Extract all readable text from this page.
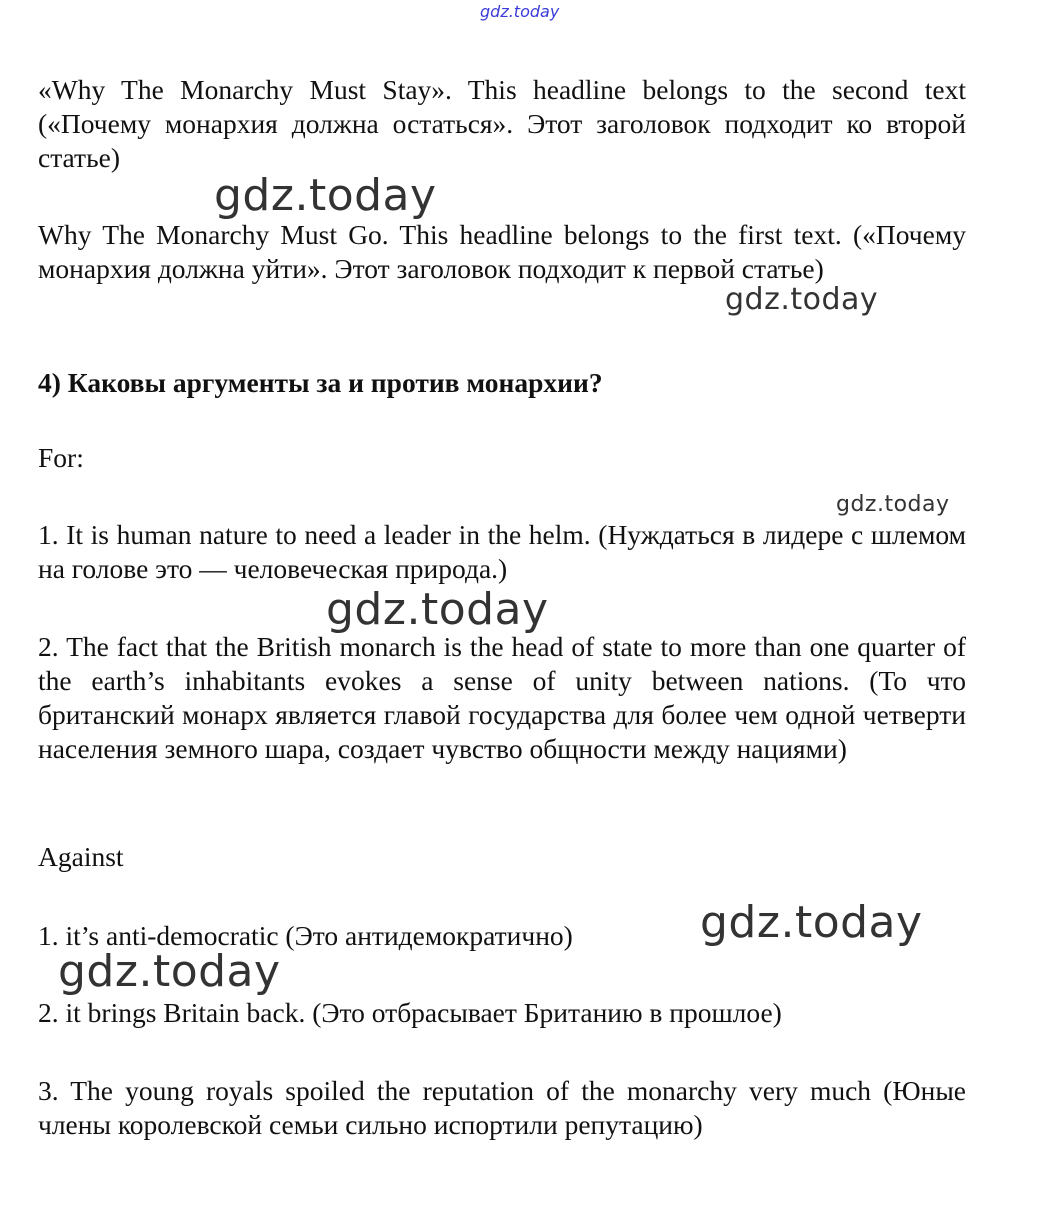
gdz.today

«Why The Monarchy Must Stay». This headline belongs to the second text («Почему монархия должна остаться». Этот заголовок подходит ко второй статье)

gdz.today

Why The Monarchy Must Go. This headline belongs to the first text. («Почему монархия должна уйти». Этот заголовок подходит к первой статье)

gdz.today

4) Каковы аргументы за и против монархии?

For:

gdz.today

1. It is human nature to need a leader in the helm. (Нуждаться в лидере с шлемом на голове это — человеческая природа.)

gdz.today

2. The fact that the British monarch is the head of state to more than one quarter of the earth’s inhabitants evokes a sense of unity between nations. (То что британский монарх является главой государства для более чем одной четверти населения земного шара, создает чувство общности между нациями)

Against

gdz.today

1. it’s anti-democratic (Это антидемократично)

gdz.today

2. it brings Britain back. (Это отбрасывает Британию в прошлое)

3. The young royals spoiled the reputation of the monarchy very much (Юные члены королевской семьи сильно испортили репутацию)
